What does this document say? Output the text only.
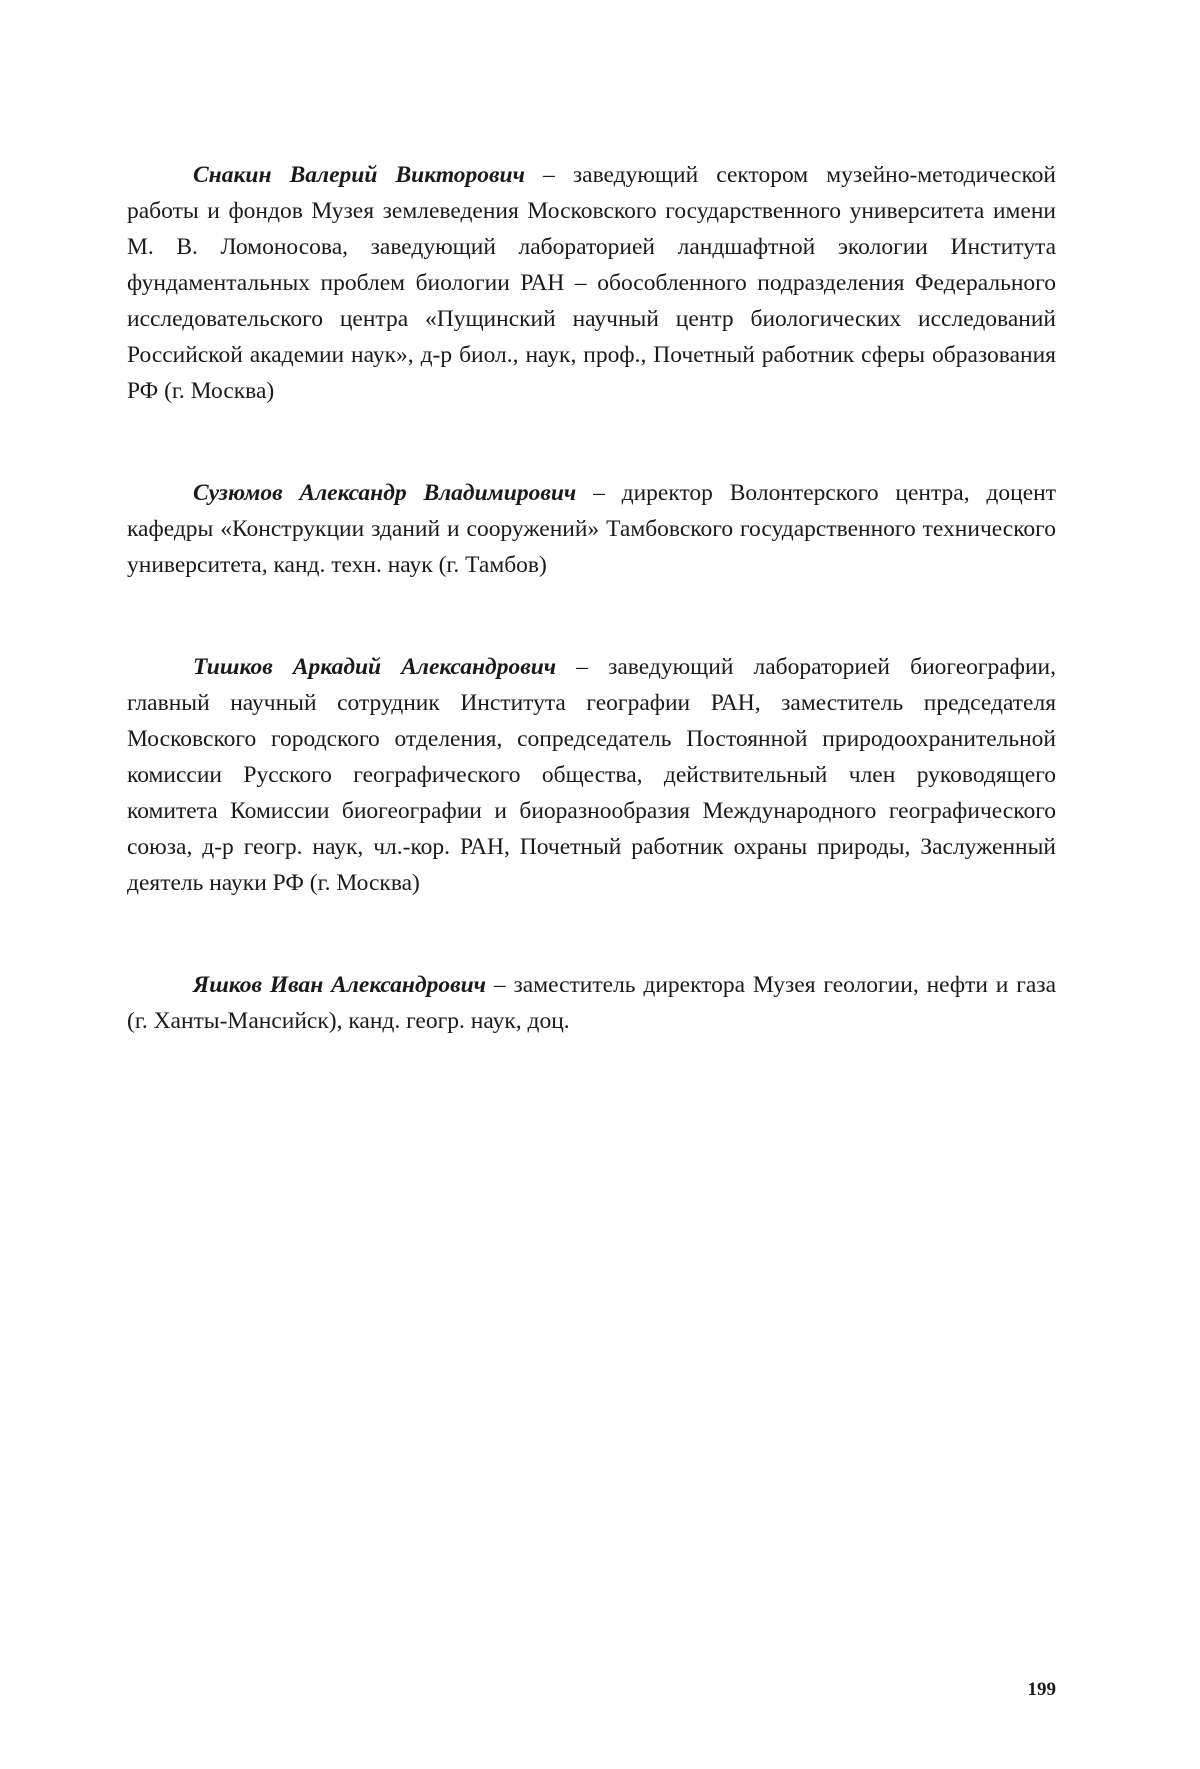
Снакин Валерий Викторович – заведующий сектором музейно-методической работы и фондов Музея землеведения Московского государственного университета имени М. В. Ломоносова, заведующий лабораторией ландшафтной экологии Института фундаментальных проблем биологии РАН – обособленного подразделения Федерального исследовательского центра «Пущинский научный центр биологических исследований Российской академии наук», д-р биол., наук, проф., Почетный работник сферы образования РФ (г. Москва)

Сузюмов Александр Владимирович – директор Волонтерского центра, доцент кафедры «Конструкции зданий и сооружений» Тамбовского государственного технического университета, канд. техн. наук (г. Тамбов)

Тишков Аркадий Александрович – заведующий лабораторией биогеографии, главный научный сотрудник Института географии РАН, заместитель председателя Московского городского отделения, сопредседатель Постоянной природоохранительной комиссии Русского географического общества, действительный член руководящего комитета Комиссии биогеографии и биоразнообразия Международного географического союза, д-р геогр. наук, чл.-кор. РАН, Почетный работник охраны природы, Заслуженный деятель науки РФ (г. Москва)

Яшков Иван Александрович – заместитель директора Музея геологии, нефти и газа (г. Ханты-Мансийск), канд. геогр. наук, доц.

199
